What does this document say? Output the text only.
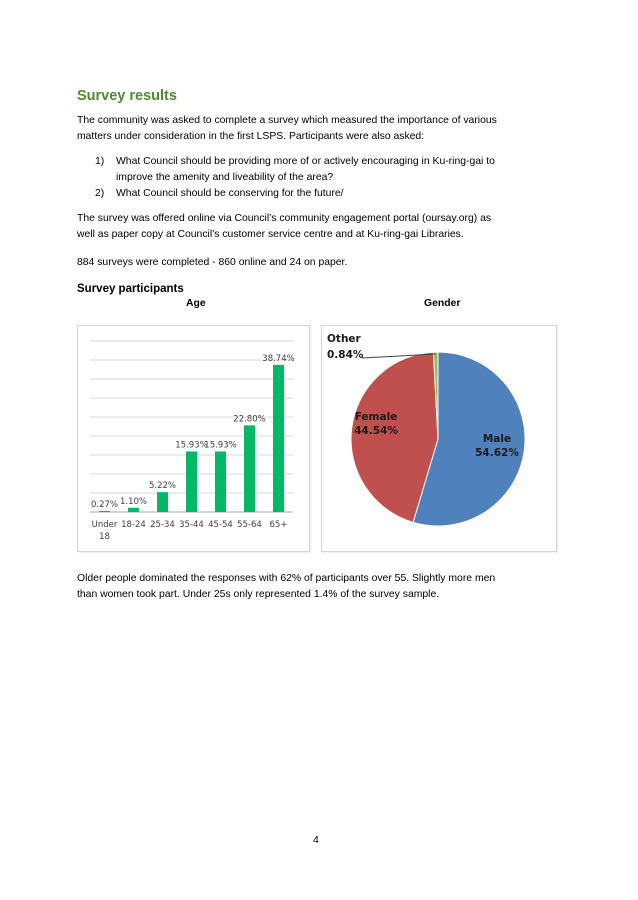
Survey results
The community was asked to complete a survey which measured the importance of various
matters under consideration in the first LSPS. Participants were also asked:
1) What Council should be providing more of or actively encouraging in Ku-ring-gai to
improve the amenity and liveability of the area?
2) What Council should be conserving for the future/
The survey was offered online via Council’s community engagement portal (oursay.org) as
well as paper copy at Council’s customer service centre and at Ku-ring-gai Libraries.
884 surveys were completed - 860 online and 24 on paper.
Survey participants
Age	Gender
0.27%
Under
18
1.10%
18-24
5.22%
25-34
15.93%
35-44
15.93%
45-54
22.80%
55-64
38.74%
65+
Male
54.62%
Female
44.54%
Other
0.84%
Older people dominated the responses with 62% of participants over 55. Slightly more men
than women took part. Under 25s only represented 1.4% of the survey sample.
4
